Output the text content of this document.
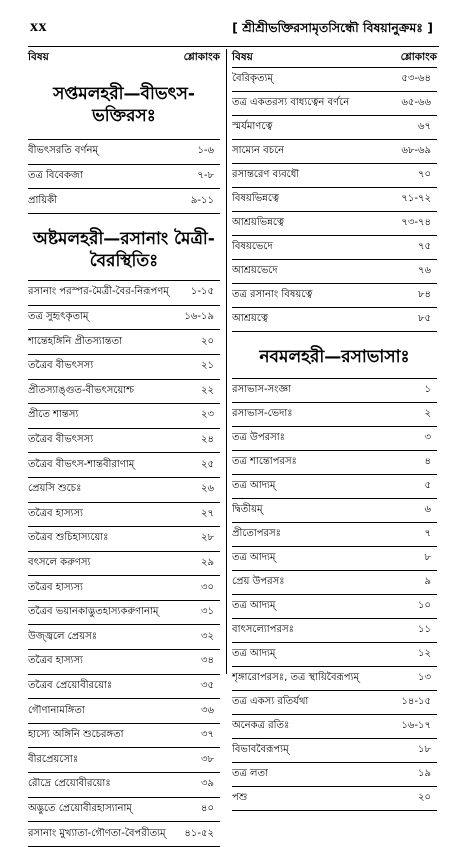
xx	[ শ্রীশ্রীভক্তিরসামৃতসিন্ধৌ বিষয়ানুক্রমঃ ]
বিষয়	শ্লোকাংক
সপ্তমলহরী—বীভৎস-ভক্তিরসঃ
বীভৎসরতি বর্ণনম্	১-৬
তত্র বিবেকজা	৭-৮
প্রায়িকী	৯-১১
অষ্টমলহরী—রসানাং মৈত্রী-
বৈরস্থিতিঃ
রসানাং পরস্পর-মৈত্রী-বৈর-নিরূপণম্	১-১৫
তত্র সুহৃৎকৃতাম্	১৬-১৯
শান্তেহঙ্গিনি প্রীতস্যান্ততা	২০
তত্রৈব বীভৎসস্য	২১
প্রীতস্যাঙ্গুত-বীভৎসয়োশ্চ	২২
প্রীতে শান্তস্য	২৩
তত্রৈব বীভৎসস্য	২৪
তত্রৈব বীভৎস-শান্তবীরাণাম্	২৫
প্রেয়সি শুচেঃ	২৬
তত্রৈব হাস্যস্য	২৭
তত্রৈব শুচিহাস্যয়োঃ	২৮
বৎসলে করুণস্য	২৯
তত্রৈব হাস্যস্য	৩০
তত্রৈব ভয়ানকাদ্ভুতহাস্যকরুণানাম্	৩১
উজ্জ্বলে প্রেয়সঃ	৩২
তত্রৈব হাস্যস্য	৩৪
তত্রৈব প্রেয়োবীরয়োঃ	৩৫
গৌণানামঙ্গিতা	৩৬
হাস্যে অঙ্গিনি শুচেরঙ্গতা	৩৭
বীরপ্রেয়সোঃ	৩৮
রৌদ্রে প্রেয়োবীরয়োঃ	৩৯
অদ্ভুতে প্রেয়োবীরহাস্যানাম্	৪০
রসানাং মুখ্যাতা-গৌণতা-বৈপরীত্যম্	৪১-৫২
বিষয়	শ্লোকাংক
বৈরিকৃত্যম্	৫৩-৬৪
তত্র একতরস্য বাধ্যত্বেন বর্ণনে	৬৫-৬৬
স্মর্যমাণত্বে	৬৭
সাম্যেন বচনে	৬৮-৬৯
রসান্তরেণ ব্যবধৌ	৭০
বিষয়ভিন্নত্বে	৭১-৭২
আশ্রয়ভিন্নত্বে	৭৩-৭৪
বিষয়ভেদে	৭৫
আশ্রয়ভেদে	৭৬
তত্র রসানাং বিষয়ত্বে	৮৪
আশ্রয়ত্বে	৮৫
নবমলহরী—রসাভাসাঃ
রসাভাস-সংজ্ঞা	১
রসাভাস-ভেদাঃ	২
তত্র উপরসাঃ	৩
তত্র শান্তোপরসঃ	৪
তত্র আদ্যম্	৫
দ্বিতীয়ম্	৬
প্রীতোপরসঃ	৭
তত্র আদ্যম্	৮
প্রেয় উপরসঃ	৯
তত্র আদ্যম্	১০
বাৎসল্যোপরসঃ	১১
তত্র আদ্যম্	১২
শৃঙ্গারোপরসঃ, তত্র স্থায়িবৈরূপ্যম্	১৩
তত্র একস্য রতির্যথা	১৪-১৫
অনেকত্র রতিঃ	১৬-১৭
বিভাববৈরূপ্যম্	১৮
তত্র লতা	১৯
পশু	২০
